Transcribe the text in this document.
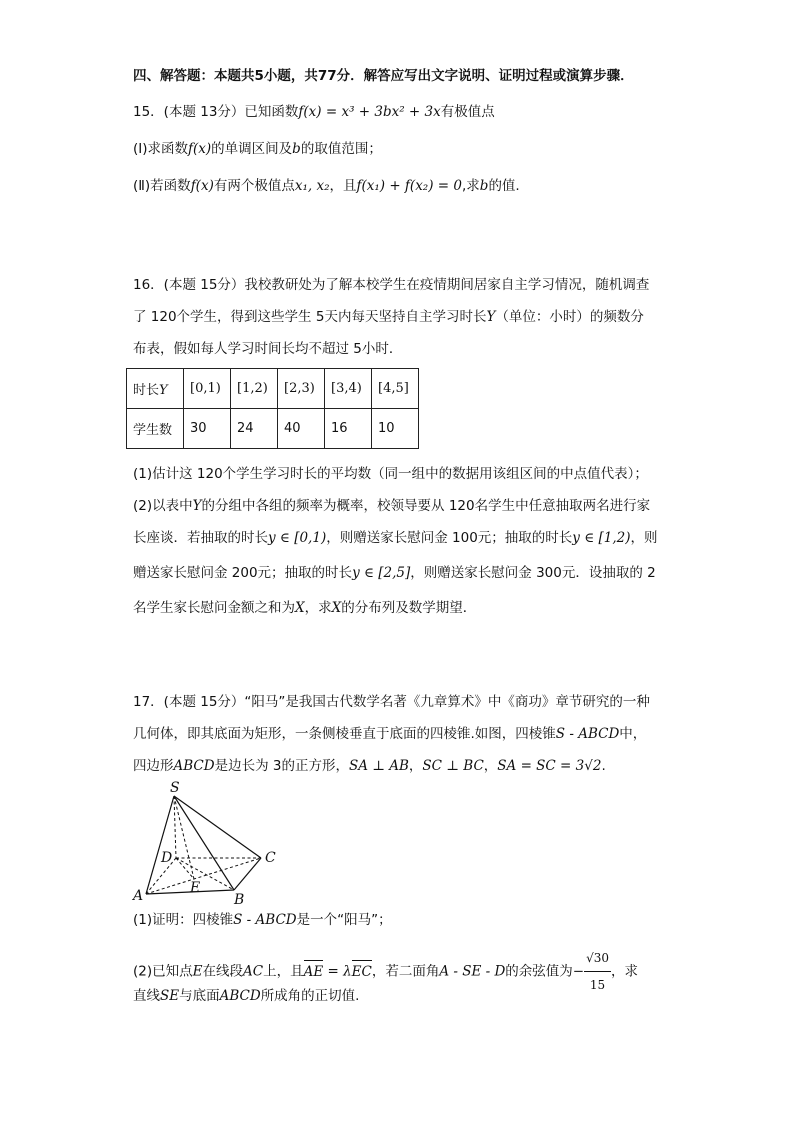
四、解答题：本题共5小题，共77分．解答应写出文字说明、证明过程或演算步骤．
15．(本题 13分）已知函数f(x) = x³ + 3bx² + 3x有极值点
(Ⅰ)求函数f(x)的单调区间及b的取值范围；
(Ⅱ)若函数f(x)有两个极值点x₁, x₂，且f(x₁) + f(x₂) = 0,求b的值.
16．(本题 15分）我校教研处为了解本校学生在疫情期间居家自主学习情况，随机调查
了 120个学生，得到这些学生 5天内每天坚持自主学习时长Y（单位：小时）的频数分
布表，假如每人学习时间长均不超过 5小时．
时长Y	[0,1)	[1,2)	[2,3)	[3,4)	[4,5]
学生数	30	24	40	16	10
(1)估计这 120个学生学习时长的平均数（同一组中的数据用该组区间的中点值代表）；
(2)以表中Y的分组中各组的频率为概率，校领导要从 120名学生中任意抽取两名进行家
长座谈．若抽取的时长y ∈ [0,1)，则赠送家长慰问金 100元；抽取的时长y ∈ [1,2)，则
赠送家长慰问金 200元；抽取的时长y ∈ [2,5]，则赠送家长慰问金 300元．设抽取的 2
名学生家长慰问金额之和为X，求X的分布列及数学期望．
17．(本题 15分）“阳马”是我国古代数学名著《九章算术》中《商功》章节研究的一种
几何体，即其底面为矩形，一条侧棱垂直于底面的四棱锥.如图，四棱锥S - ABCD中，
四边形ABCD是边长为 3的正方形，SA ⊥ AB，SC ⊥ BC，SA = SC = 3√2.
S
D	C
A	E
B
(1)证明：四棱锥S - ABCD是一个“阳马”；
(2)已知点E在线段AC上，且AE = λEC，若二面角A - SE - D的余弦值为− $\frac{√30}{15}$ ，求
直线SE与底面ABCD所成角的正切值.
